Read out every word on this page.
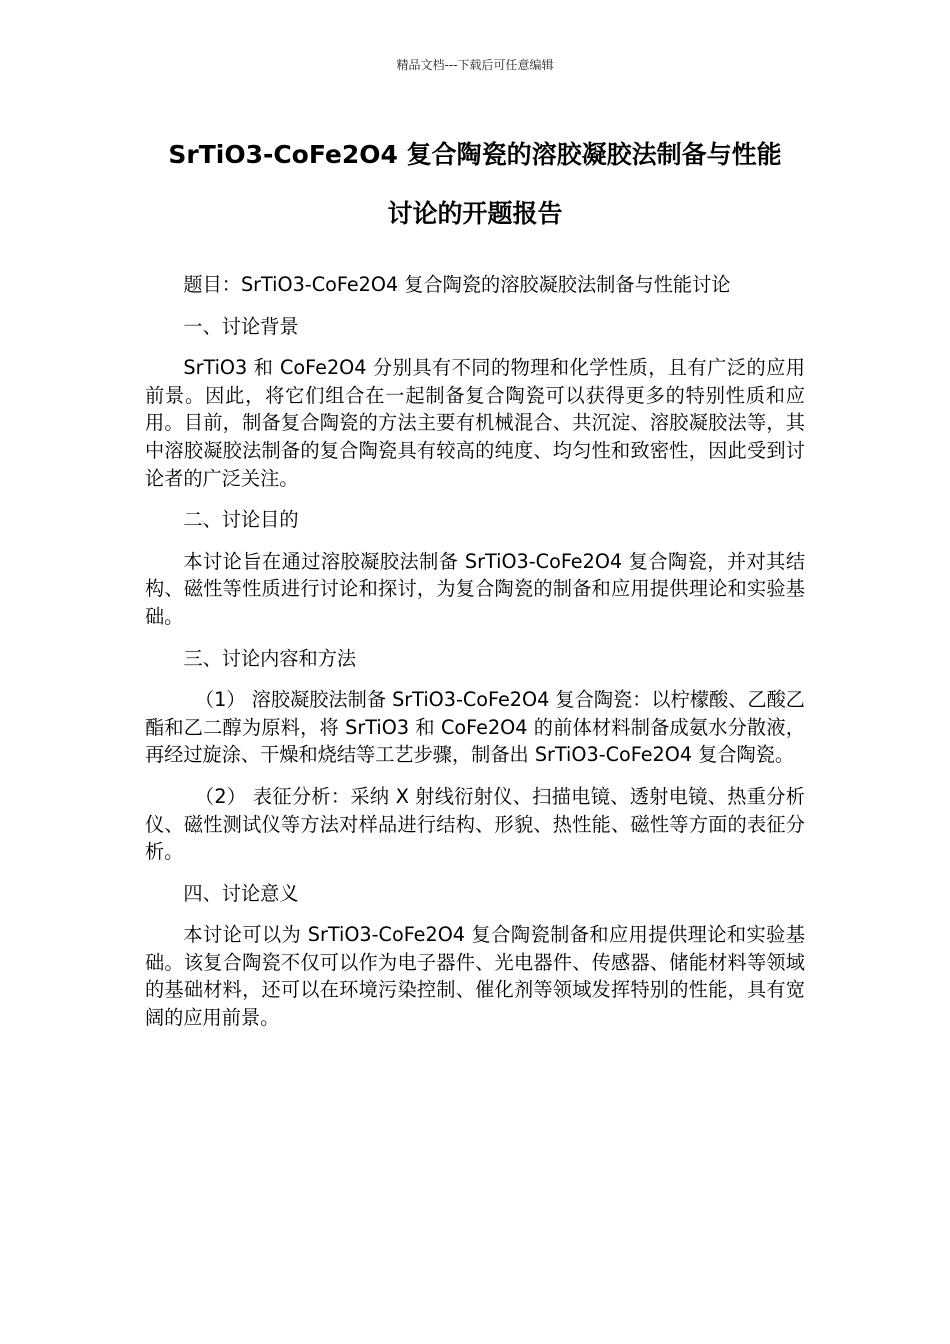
精品文档---下载后可任意编辑
SrTiO3-CoFe2O4 复合陶瓷的溶胶凝胶法制备与性能
讨论的开题报告

题目：SrTiO3-CoFe2O4 复合陶瓷的溶胶凝胶法制备与性能讨论

一、讨论背景

SrTiO3 和 CoFe2O4 分别具有不同的物理和化学性质，且有广泛的应用前景。因此，将它们组合在一起制备复合陶瓷可以获得更多的特别性质和应用。目前，制备复合陶瓷的方法主要有机械混合、共沉淀、溶胶凝胶法等，其中溶胶凝胶法制备的复合陶瓷具有较高的纯度、均匀性和致密性，因此受到讨论者的广泛关注。

二、讨论目的

本讨论旨在通过溶胶凝胶法制备 SrTiO3-CoFe2O4 复合陶瓷，并对其结构、磁性等性质进行讨论和探讨，为复合陶瓷的制备和应用提供理论和实验基础。

三、讨论内容和方法

（1） 溶胶凝胶法制备 SrTiO3-CoFe2O4 复合陶瓷：以柠檬酸、乙酸乙酯和乙二醇为原料，将 SrTiO3 和 CoFe2O4 的前体材料制备成氨水分散液，再经过旋涂、干燥和烧结等工艺步骤，制备出 SrTiO3-CoFe2O4 复合陶瓷。

（2） 表征分析：采纳 X 射线衍射仪、扫描电镜、透射电镜、热重分析仪、磁性测试仪等方法对样品进行结构、形貌、热性能、磁性等方面的表征分析。

四、讨论意义

本讨论可以为 SrTiO3-CoFe2O4 复合陶瓷制备和应用提供理论和实验基础。该复合陶瓷不仅可以作为电子器件、光电器件、传感器、储能材料等领域的基础材料，还可以在环境污染控制、催化剂等领域发挥特别的性能，具有宽阔的应用前景。
